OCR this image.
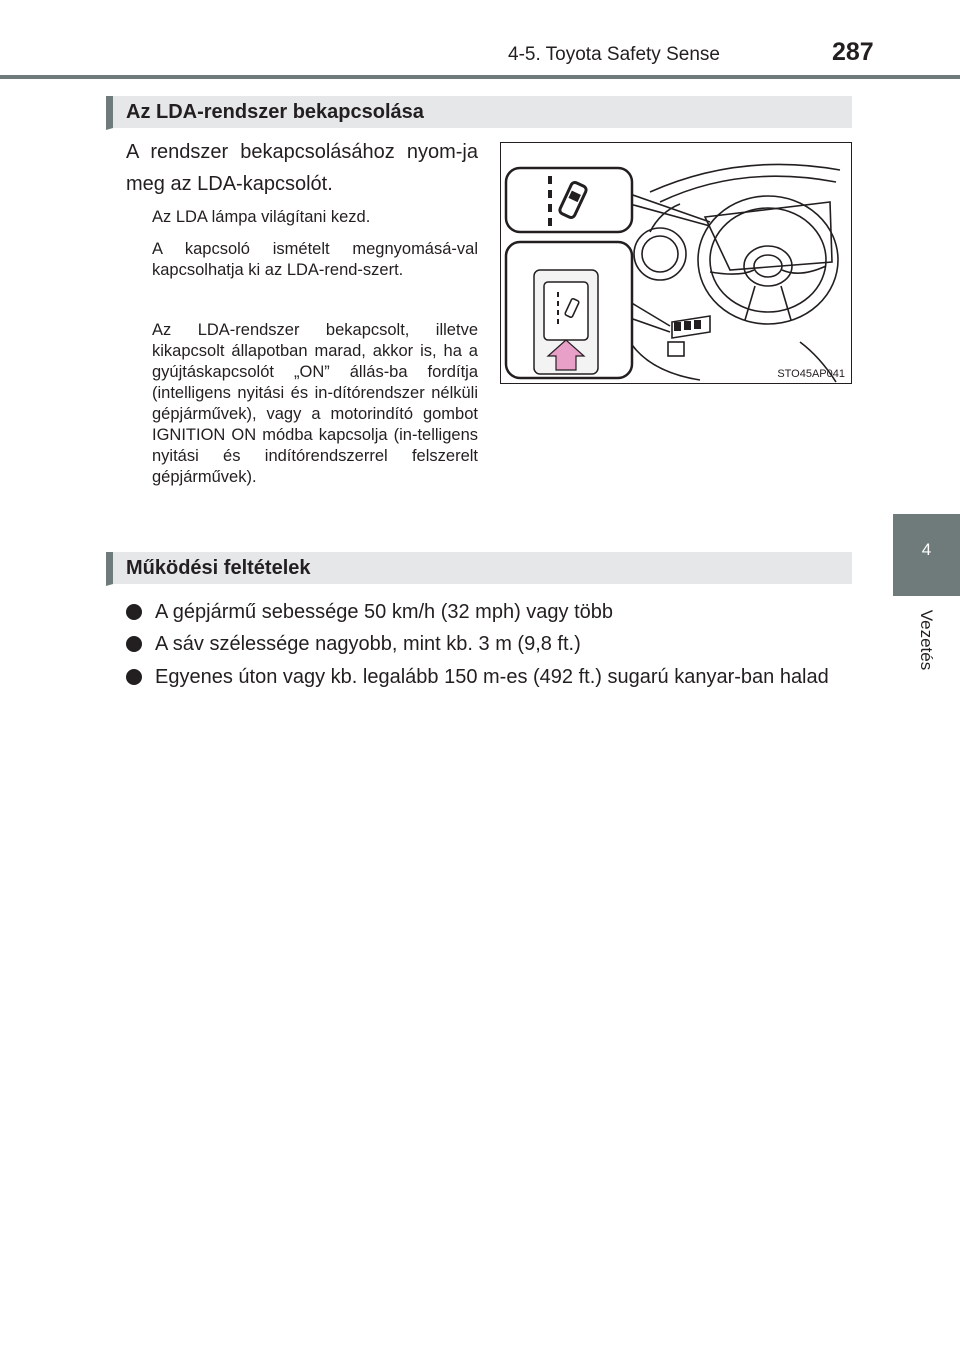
4-5. Toyota Safety Sense	287
4
Vezetés
Az LDA-rendszer bekapcsolása
A rendszer bekapcsolásához nyom-ja meg az LDA-kapcsolót.
Az LDA lámpa világítani kezd.
A kapcsoló ismételt megnyomásá-val kapcsolhatja ki az LDA-rend-szert.
Az LDA-rendszer bekapcsolt, illetve kikapcsolt állapotban marad, akkor is, ha a gyújtáskapcsolót „ON” állás-ba fordítja (intelligens nyitási és in-dítórendszer nélküli gépjárművek), vagy a motorindító gombot IGNITION ON módba kapcsolja (in-telligens nyitási és indítórendszerrel felszerelt gépjárművek).
STO45AP041
Működési feltételek
A gépjármű sebessége 50 km/h (32 mph) vagy több
A sáv szélessége nagyobb, mint kb. 3 m (9,8 ft.)
Egyenes úton vagy kb. legalább 150 m-es (492 ft.) sugarú kanyar-ban halad
